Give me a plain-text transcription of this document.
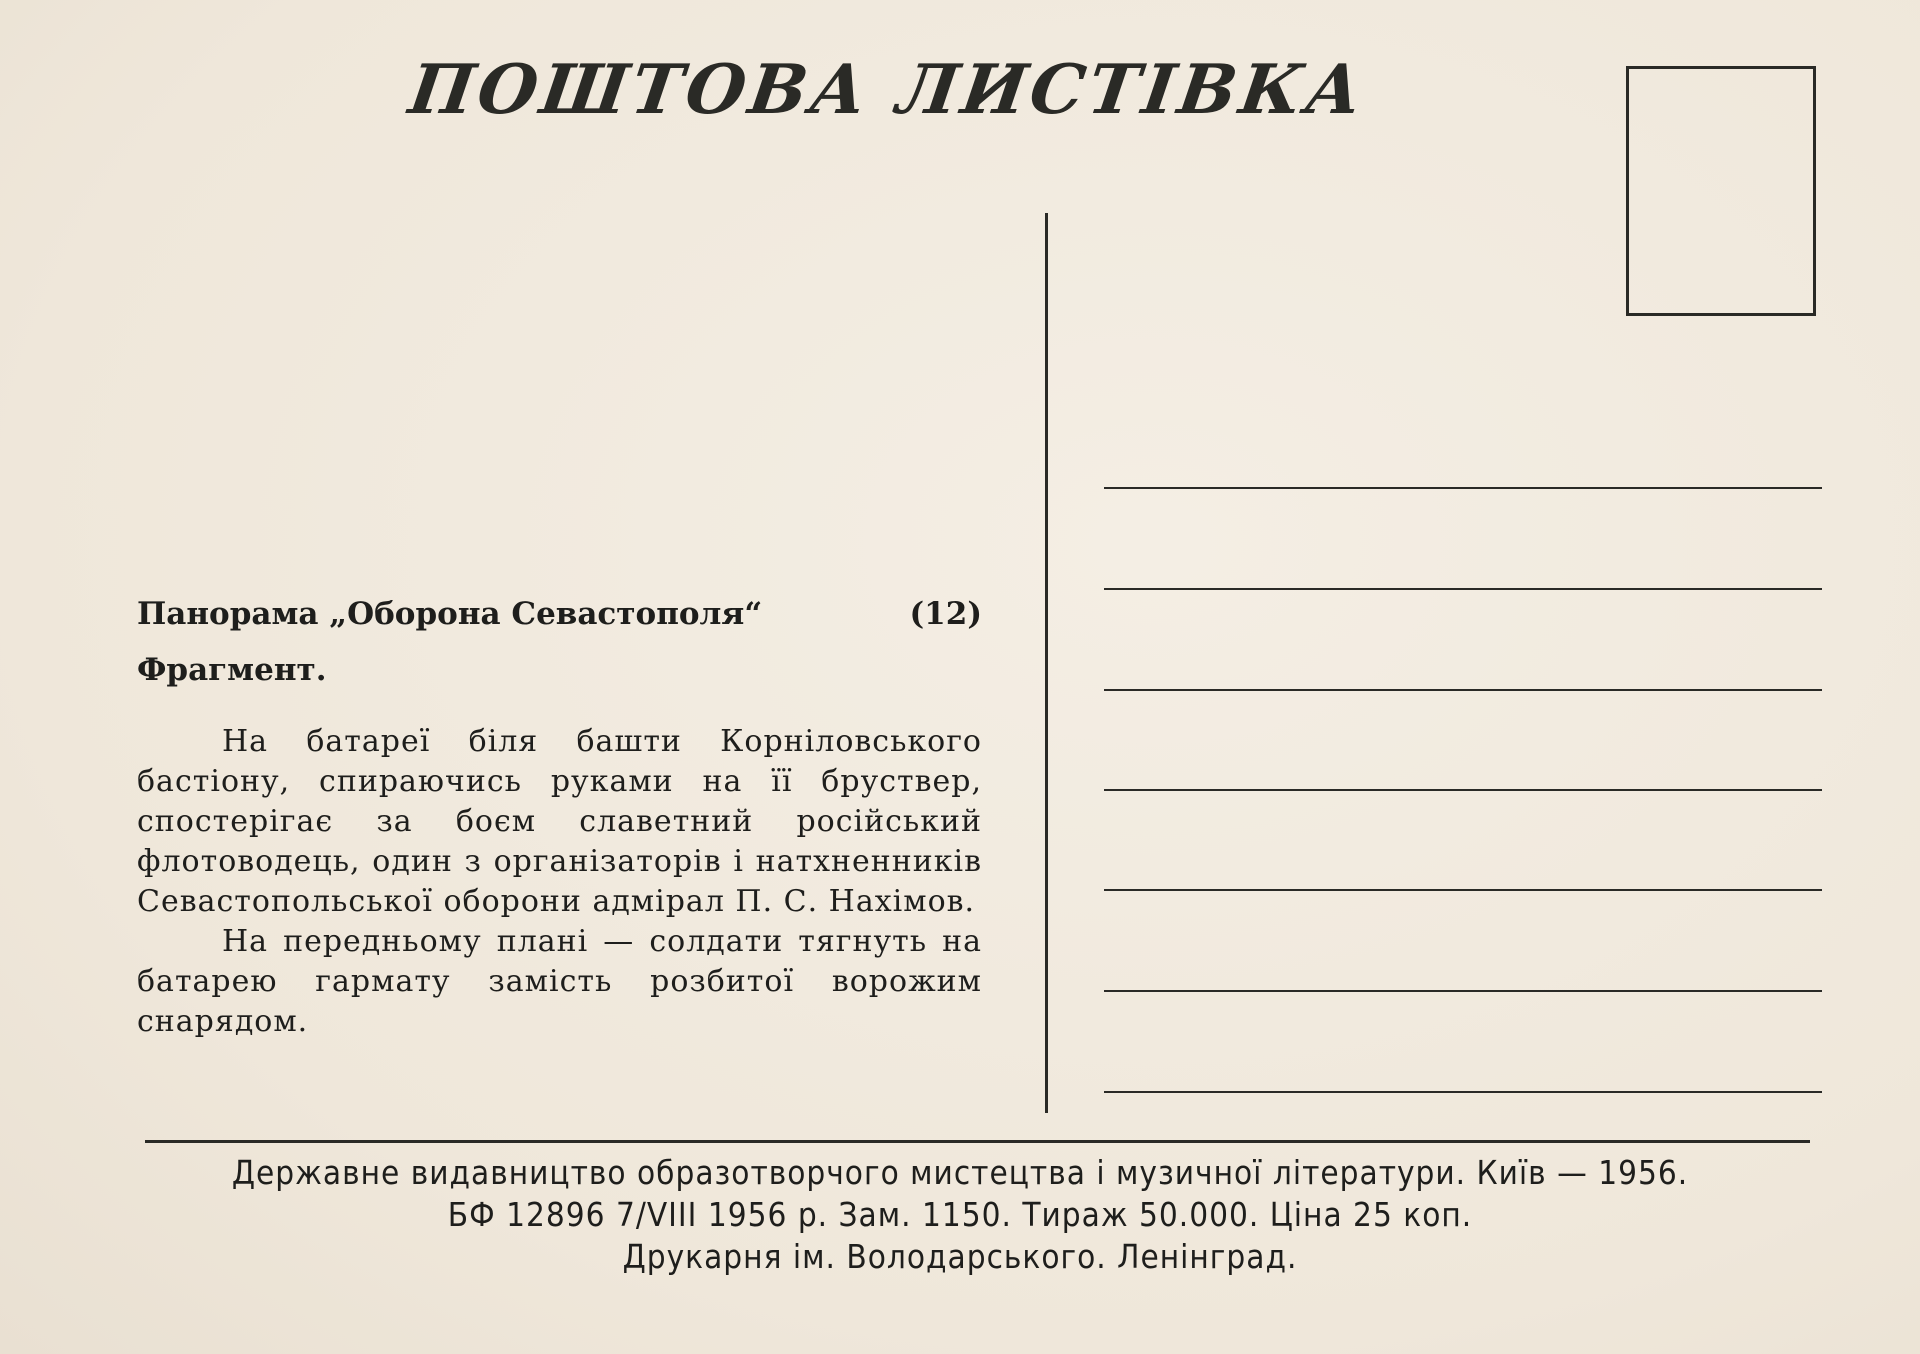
ПОШТОВА ЛИСТІВКА
Панорама „Оборона Севастополя“	(12)
Фрагмент.

На батареї біля башти Корніловського бастіону, спираючись руками на її бруствер, спостерігає за боєм славетний російський флотоводець, один з організаторів і натхненників Севастопольської оборони адмірал П. С. Нахімов.

На передньому плані — солдати тягнуть на батарею гармату замість розбитої ворожим снарядом.

Державне видавництво образотворчого мистецтва і музичної літератури. Київ — 1956.
БФ 12896 7/VIII 1956 р. Зам. 1150. Тираж 50.000. Ціна 25 коп.
Друкарня ім. Володарського. Ленінград.
